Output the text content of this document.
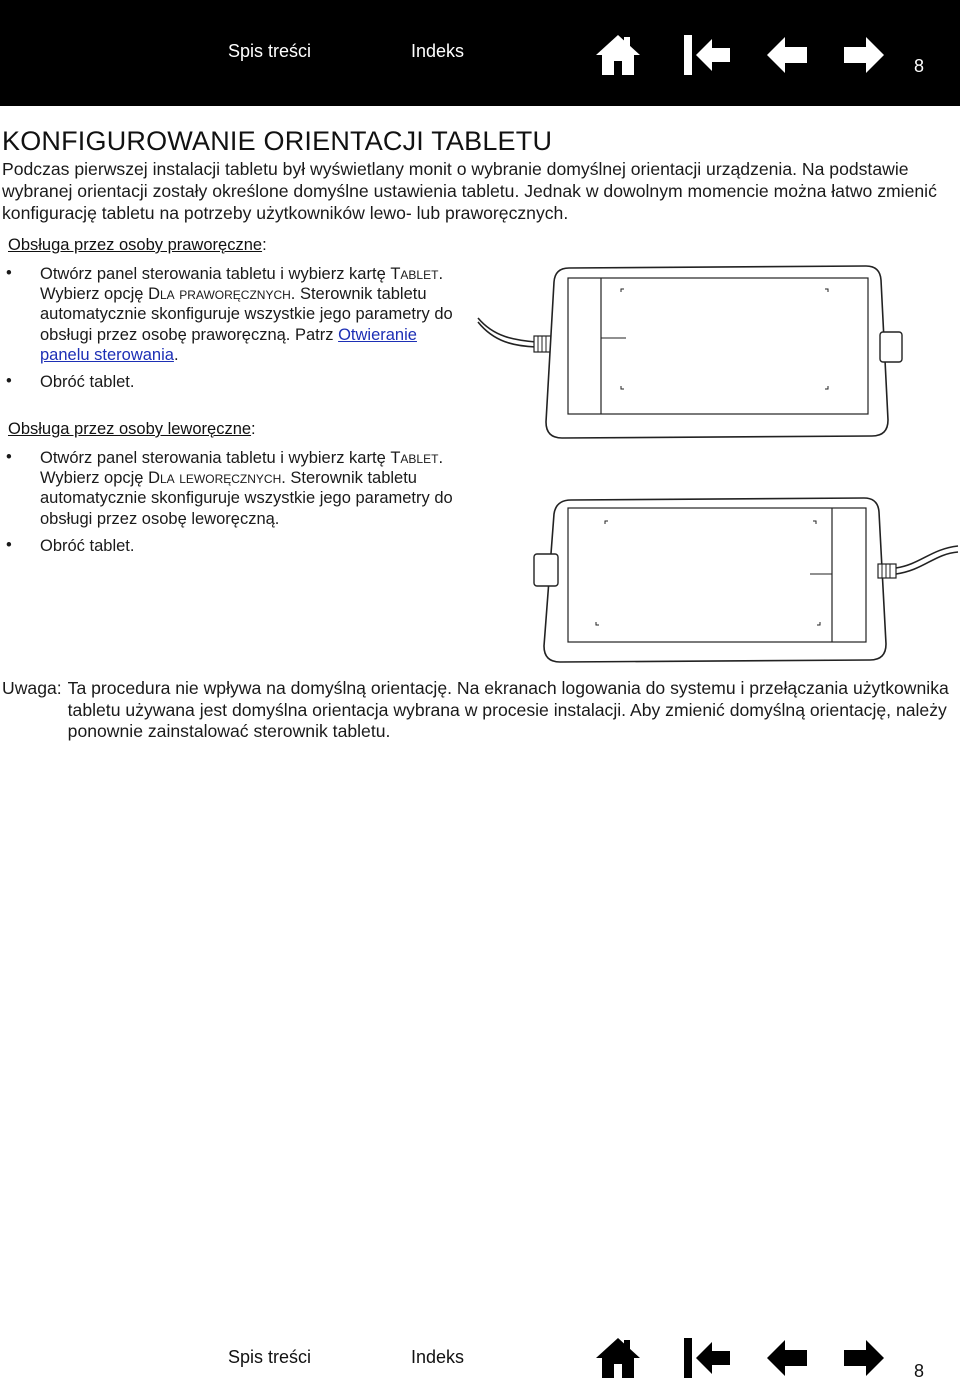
Spis treści	Indeks
8
KONFIGUROWANIE ORIENTACJI TABLETU

Podczas pierwszej instalacji tabletu był wyświetlany monit o wybranie domyślnej orientacji urządzenia. Na podstawie wybranej orientacji zostały określone domyślne ustawienia tabletu. Jednak w dowolnym momencie można łatwo zmienić konfigurację tabletu na potrzeby użytkowników lewo- lub praworęcznych.

Obsługa przez osoby praworęczne:

• Otwórz panel sterowania tabletu i wybierz kartę Tablet. Wybierz opcję Dla praworęcznych. Sterownik tabletu automatycznie skonfiguruje wszystkie jego parametry do obsługi przez osobę praworęczną. Patrz Otwieranie panelu sterowania.
• Obróć tablet.

Obsługa przez osoby leworęczne:

• Otwórz panel sterowania tabletu i wybierz kartę Tablet. Wybierz opcję Dla leworęcznych. Sterownik tabletu automatycznie skonfiguruje wszystkie jego parametry do obsługi przez osobę leworęczną.
• Obróć tablet.
Uwaga: Ta procedura nie wpływa na domyślną orientację. Na ekranach logowania do systemu i przełączania użytkownika tabletu używana jest domyślna orientacja wybrana w procesie instalacji. Aby zmienić domyślną orientację, należy ponownie zainstalować sterownik tabletu.
Spis treści	Indeks
8
